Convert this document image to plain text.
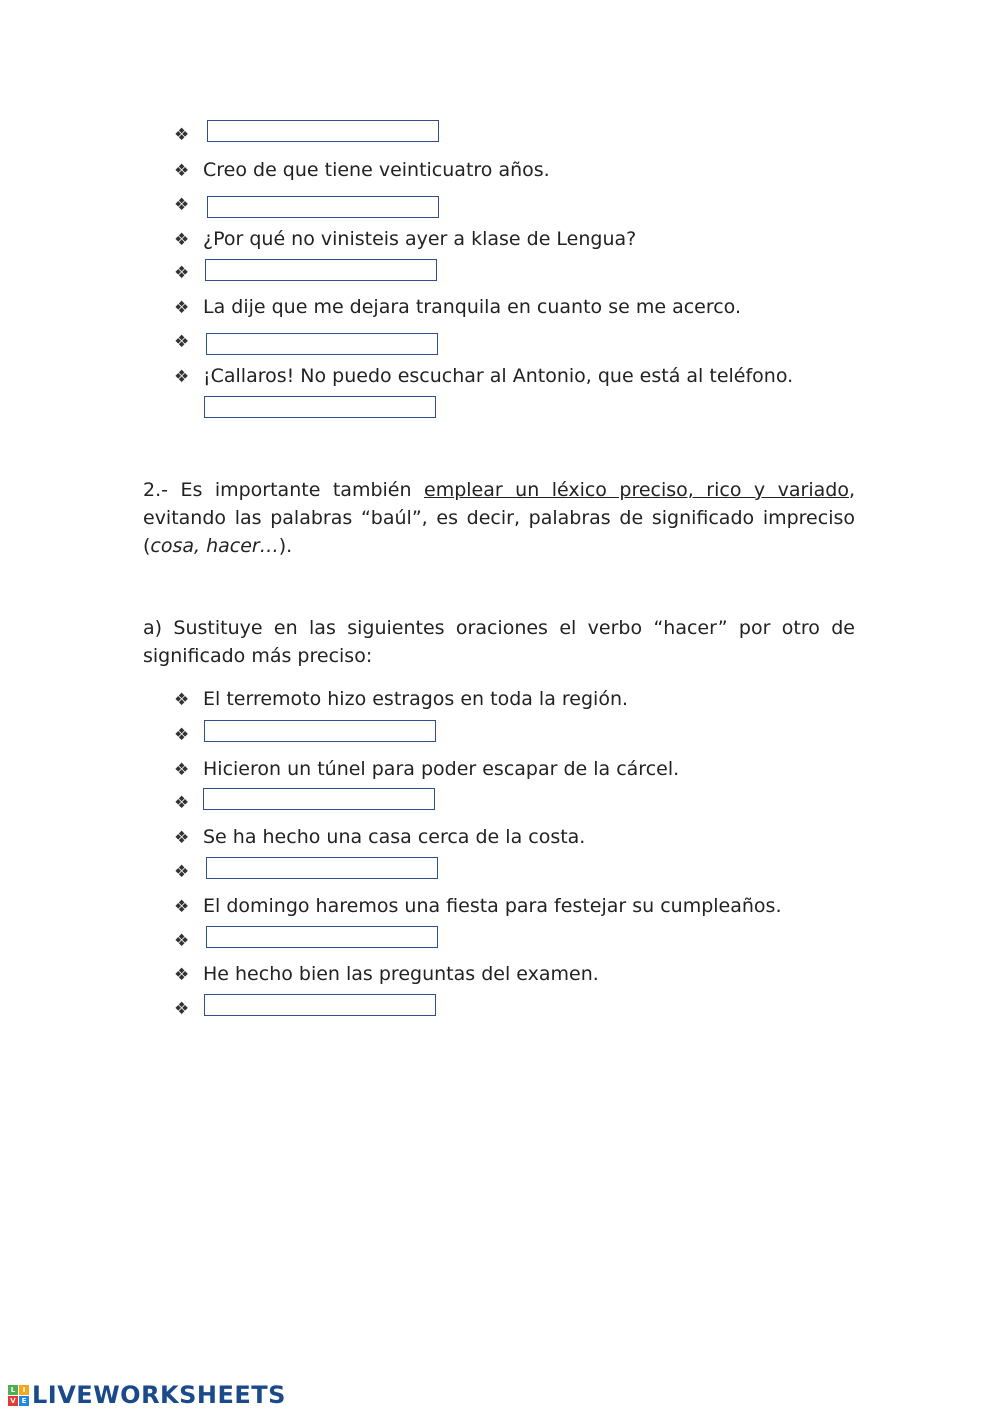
❖
❖ Creo de que tiene veinticuatro años.
❖
❖ ¿Por qué no vinisteis ayer a klase de Lengua?
❖
❖ La dije que me dejara tranquila en cuanto se me acerco.
❖
❖ ¡Callaros! No puedo escuchar al Antonio, que está al teléfono.
2.- Es importante también emplear un léxico preciso, rico y variado, evitando las palabras “baúl”, es decir, palabras de significado impreciso (cosa, hacer…).
a) Sustituye en las siguientes oraciones el verbo “hacer” por otro de significado más preciso:
❖ El terremoto hizo estragos en toda la región.
❖
❖ Hicieron un túnel para poder escapar de la cárcel.
❖
❖ Se ha hecho una casa cerca de la costa.
❖
❖ El domingo haremos una fiesta para festejar su cumpleaños.
❖
❖ He hecho bien las preguntas del examen.
❖
L	I
V E LIVEWORKSHEETS
